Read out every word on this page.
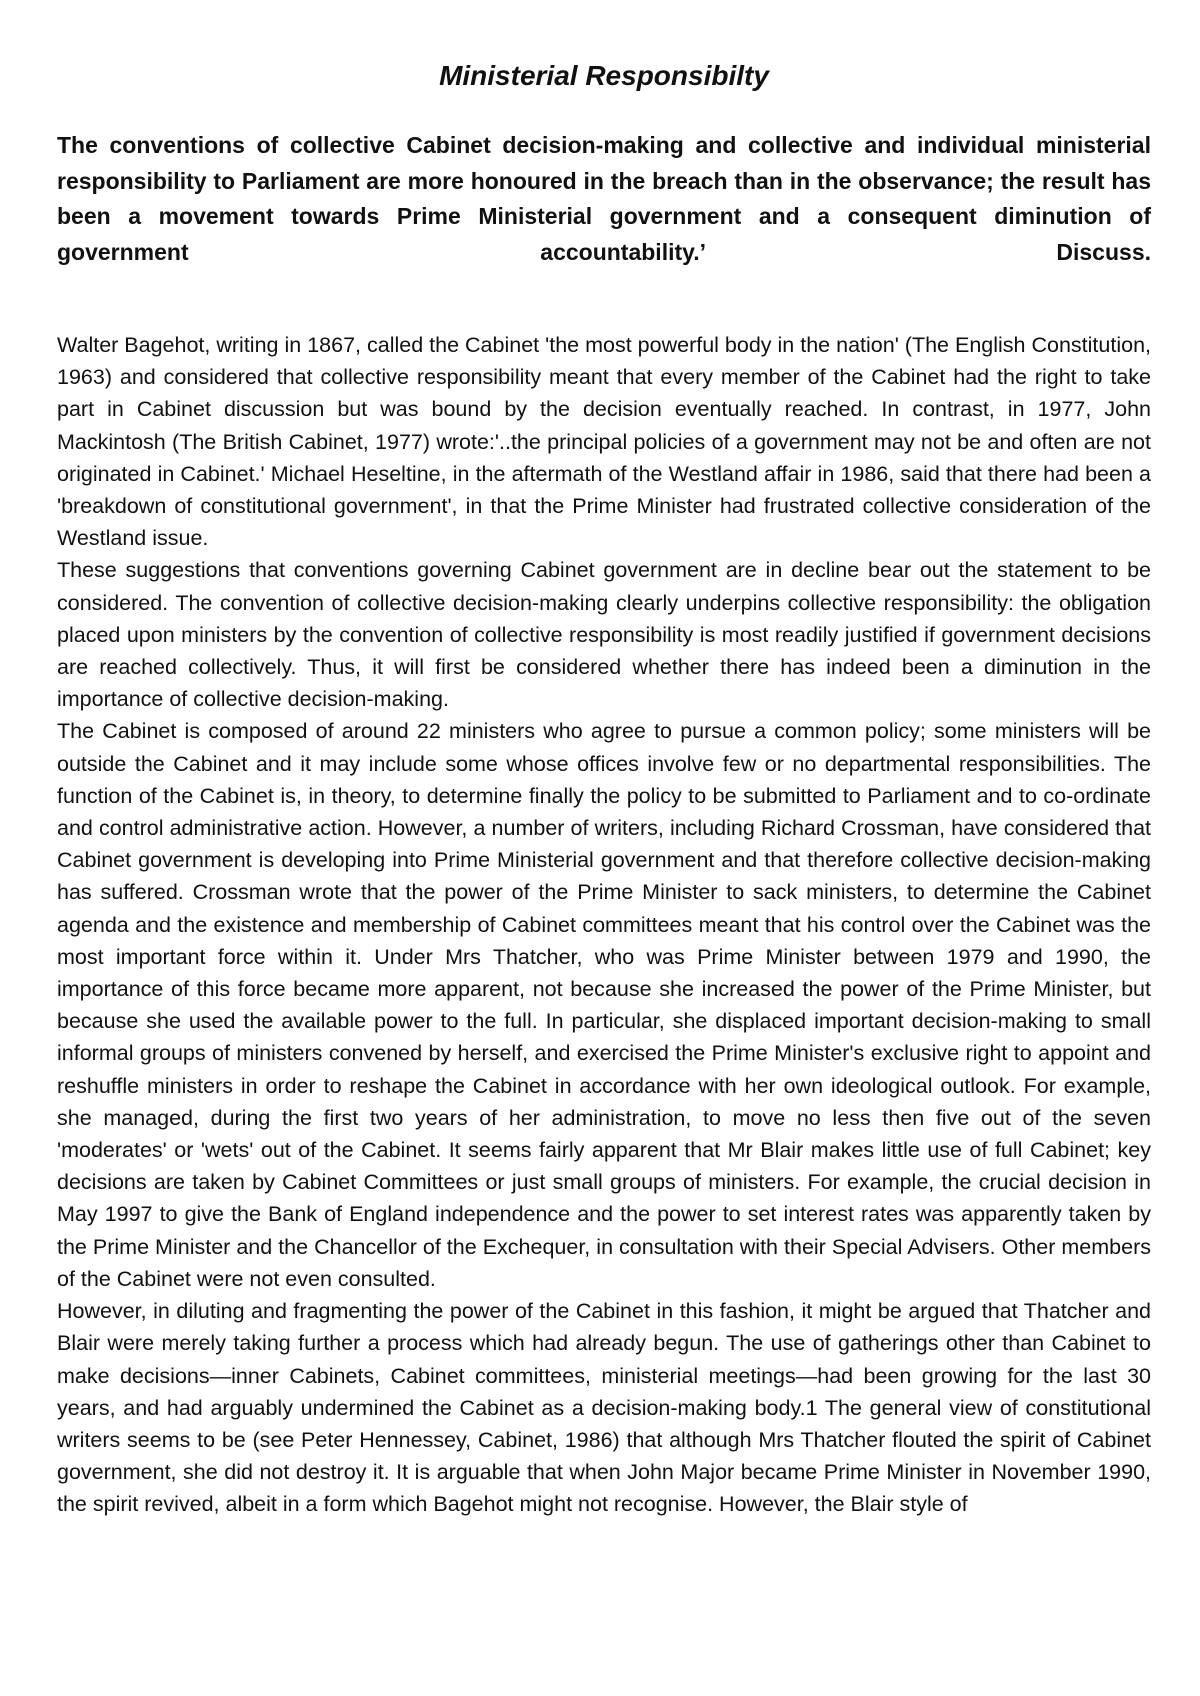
Ministerial Responsibilty

The conventions of collective Cabinet decision-making and collective and individual ministerial responsibility to Parliament are more honoured in the breach than in the observance; the result has been a movement towards Prime Ministerial government and a consequent diminution of government accountability.’ Discuss.

Walter Bagehot, writing in 1867, called the Cabinet 'the most powerful body in the nation' (The English Constitution, 1963) and considered that collective responsibility meant that every member of the Cabinet had the right to take part in Cabinet discussion but was bound by the decision eventually reached. In contrast, in 1977, John Mackintosh (The British Cabinet, 1977) wrote:'..the principal policies of a government may not be and often are not originated in Cabinet.' Michael Heseltine, in the aftermath of the Westland affair in 1986, said that there had been a 'breakdown of constitutional government', in that the Prime Minister had frustrated collective consideration of the Westland issue.

These suggestions that conventions governing Cabinet government are in decline bear out the statement to be considered. The convention of collective decision-making clearly underpins collective responsibility: the obligation placed upon ministers by the convention of collective responsibility is most readily justified if government decisions are reached collectively. Thus, it will first be considered whether there has indeed been a diminution in the importance of collective decision-making.

The Cabinet is composed of around 22 ministers who agree to pursue a common policy; some ministers will be outside the Cabinet and it may include some whose offices involve few or no departmental responsibilities. The function of the Cabinet is, in theory, to determine finally the policy to be submitted to Parliament and to co-ordinate and control administrative action. However, a number of writers, including Richard Crossman, have considered that Cabinet government is developing into Prime Ministerial government and that therefore collective decision-making has suffered. Crossman wrote that the power of the Prime Minister to sack ministers, to determine the Cabinet agenda and the existence and membership of Cabinet committees meant that his control over the Cabinet was the most important force within it. Under Mrs Thatcher, who was Prime Minister between 1979 and 1990, the importance of this force became more apparent, not because she increased the power of the Prime Minister, but because she used the available power to the full. In particular, she displaced important decision-making to small informal groups of ministers convened by herself, and exercised the Prime Minister's exclusive right to appoint and reshuffle ministers in order to reshape the Cabinet in accordance with her own ideological outlook. For example, she managed, during the first two years of her administration, to move no less then five out of the seven 'moderates' or 'wets' out of the Cabinet. It seems fairly apparent that Mr Blair makes little use of full Cabinet; key decisions are taken by Cabinet Committees or just small groups of ministers. For example, the crucial decision in May 1997 to give the Bank of England independence and the power to set interest rates was apparently taken by the Prime Minister and the Chancellor of the Exchequer, in consultation with their Special Advisers. Other members of the Cabinet were not even consulted.

However, in diluting and fragmenting the power of the Cabinet in this fashion, it might be argued that Thatcher and Blair were merely taking further a process which had already begun. The use of gatherings other than Cabinet to make decisions—inner Cabinets, Cabinet committees, ministerial meetings—had been growing for the last 30 years, and had arguably undermined the Cabinet as a decision-making body.1 The general view of constitutional writers seems to be (see Peter Hennessey, Cabinet, 1986) that although Mrs Thatcher flouted the spirit of Cabinet government, she did not destroy it. It is arguable that when John Major became Prime Minister in November 1990, the spirit revived, albeit in a form which Bagehot might not recognise. However, the Blair style of
